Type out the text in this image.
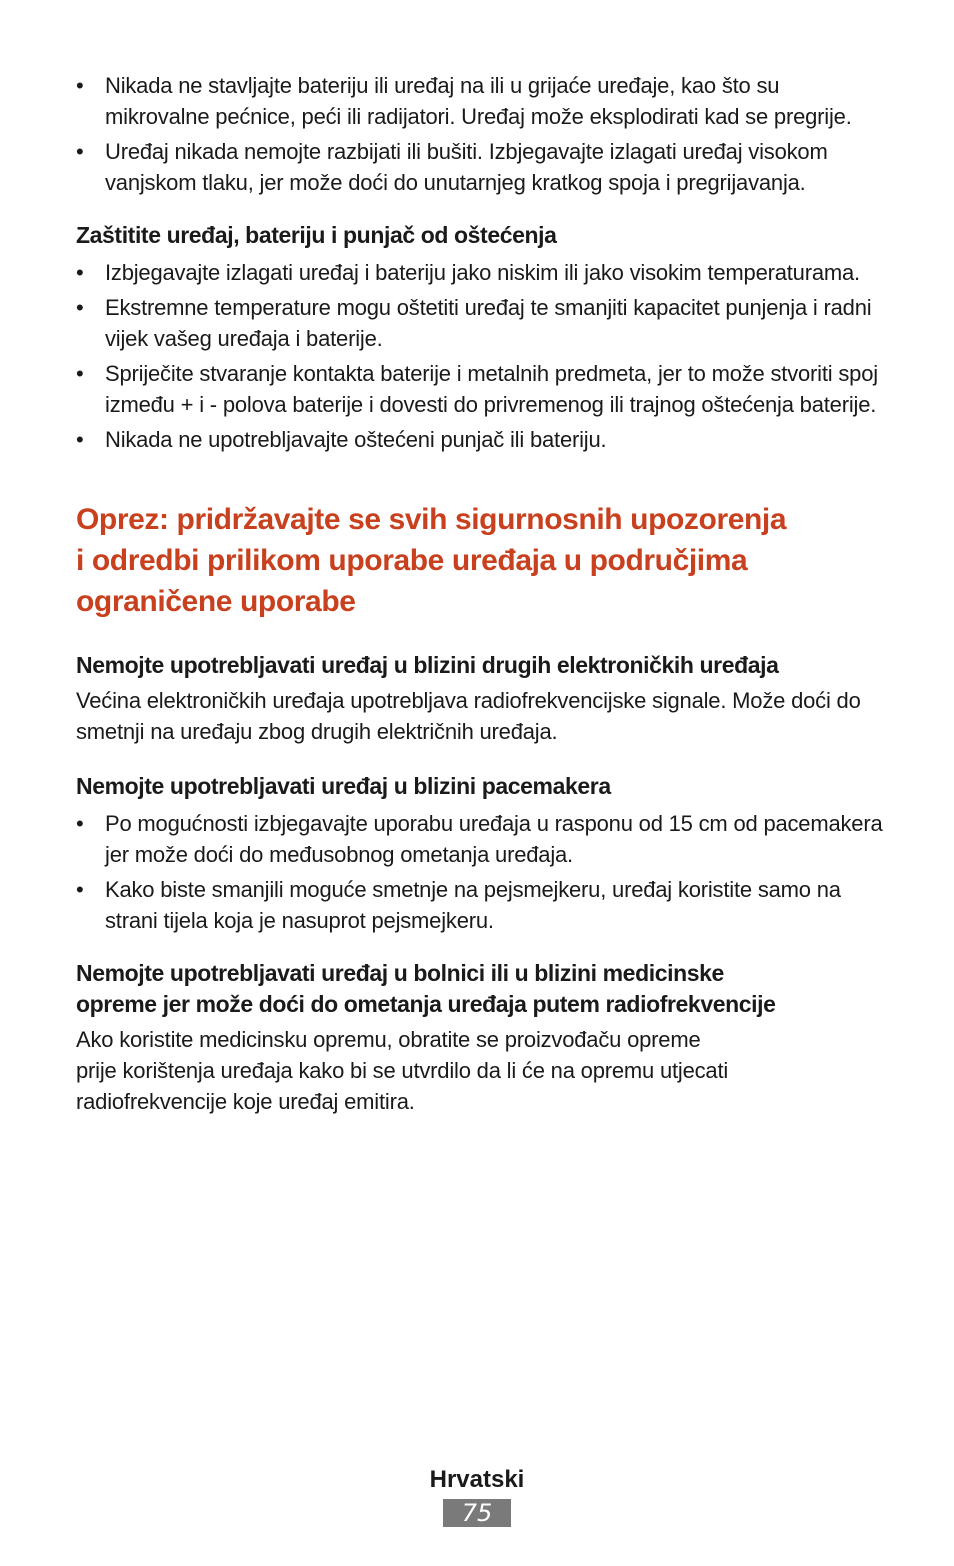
• Nikada ne stavljajte bateriju ili uređaj na ili u grijaće uređaje, kao što su mikrovalne pećnice, peći ili radijatori. Uređaj može eksplodirati kad se pregrije.
• Uređaj nikada nemojte razbijati ili bušiti. Izbjegavajte izlagati uređaj visokom vanjskom tlaku, jer može doći do unutarnjeg kratkog spoja i pregrijavanja.
Zaštitite uređaj, bateriju i punjač od oštećenja
• Izbjegavajte izlagati uređaj i bateriju jako niskim ili jako visokim temperaturama.
• Ekstremne temperature mogu oštetiti uređaj te smanjiti kapacitet punjenja i radni vijek vašeg uređaja i baterije.
• Spriječite stvaranje kontakta baterije i metalnih predmeta, jer to može stvoriti spoj između + i - polova baterije i dovesti do privremenog ili trajnog oštećenja baterije.
• Nikada ne upotrebljavajte oštećeni punjač ili bateriju.
Oprez: pridržavajte se svih sigurnosnih upozorenja
i odredbi prilikom uporabe uređaja u područjima
ograničene uporabe
Nemojte upotrebljavati uređaj u blizini drugih elektroničkih uređaja

Većina elektroničkih uređaja upotrebljava radiofrekvencijske signale. Može doći do smetnji na uređaju zbog drugih električnih uređaja.

Nemojte upotrebljavati uređaj u blizini pacemakera
• Po mogućnosti izbjegavajte uporabu uređaja u rasponu od 15 cm od pacemakera jer može doći do međusobnog ometanja uređaja.
• Kako biste smanjili moguće smetnje na pejsmejkeru, uređaj koristite samo na strani tijela koja je nasuprot pejsmejkeru.
Nemojte upotrebljavati uređaj u bolnici ili u blizini medicinske
opreme jer može doći do ometanja uređaja putem radiofrekvencije

Ako koristite medicinsku opremu, obratite se proizvođaču opreme
prije korištenja uređaja kako bi se utvrdilo da li će na opremu utjecati
radiofrekvencije koje uređaj emitira.

Hrvatski
75
